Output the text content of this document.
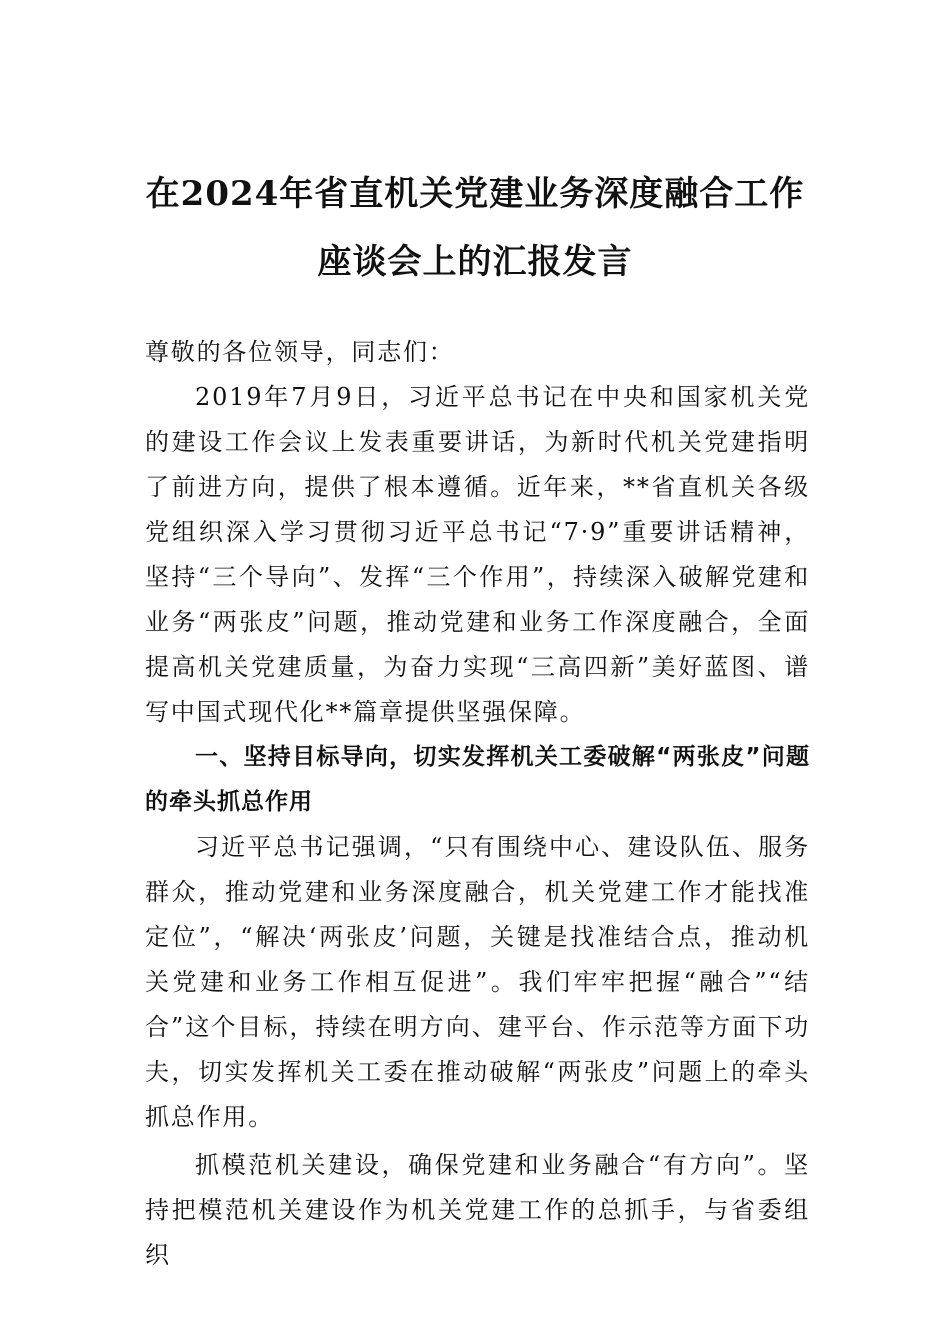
在2024年省直机关党建业务深度融合工作
座谈会上的汇报发言

尊敬的各位领导，同志们：

2019年7月9日，习近平总书记在中央和国家机关党的建设工作会议上发表重要讲话，为新时代机关党建指明了前进方向，提供了根本遵循。近年来，**省直机关各级党组织深入学习贯彻习近平总书记“7·9”重要讲话精神，坚持“三个导向”、发挥“三个作用”，持续深入破解党建和业务“两张皮”问题，推动党建和业务工作深度融合，全面提高机关党建质量，为奋力实现“三高四新”美好蓝图、谱写中国式现代化**篇章提供坚强保障。

一、坚持目标导向，切实发挥机关工委破解“两张皮”问题的牵头抓总作用

习近平总书记强调，“只有围绕中心、建设队伍、服务群众，推动党建和业务深度融合，机关党建工作才能找准定位”，“解决‘两张皮’问题，关键是找准结合点，推动机关党建和业务工作相互促进”。我们牢牢把握“融合”“结合”这个目标，持续在明方向、建平台、作示范等方面下功夫，切实发挥机关工委在推动破解“两张皮”问题上的牵头抓总作用。

抓模范机关建设，确保党建和业务融合“有方向”。坚持把模范机关建设作为机关党建工作的总抓手，与省委组织
